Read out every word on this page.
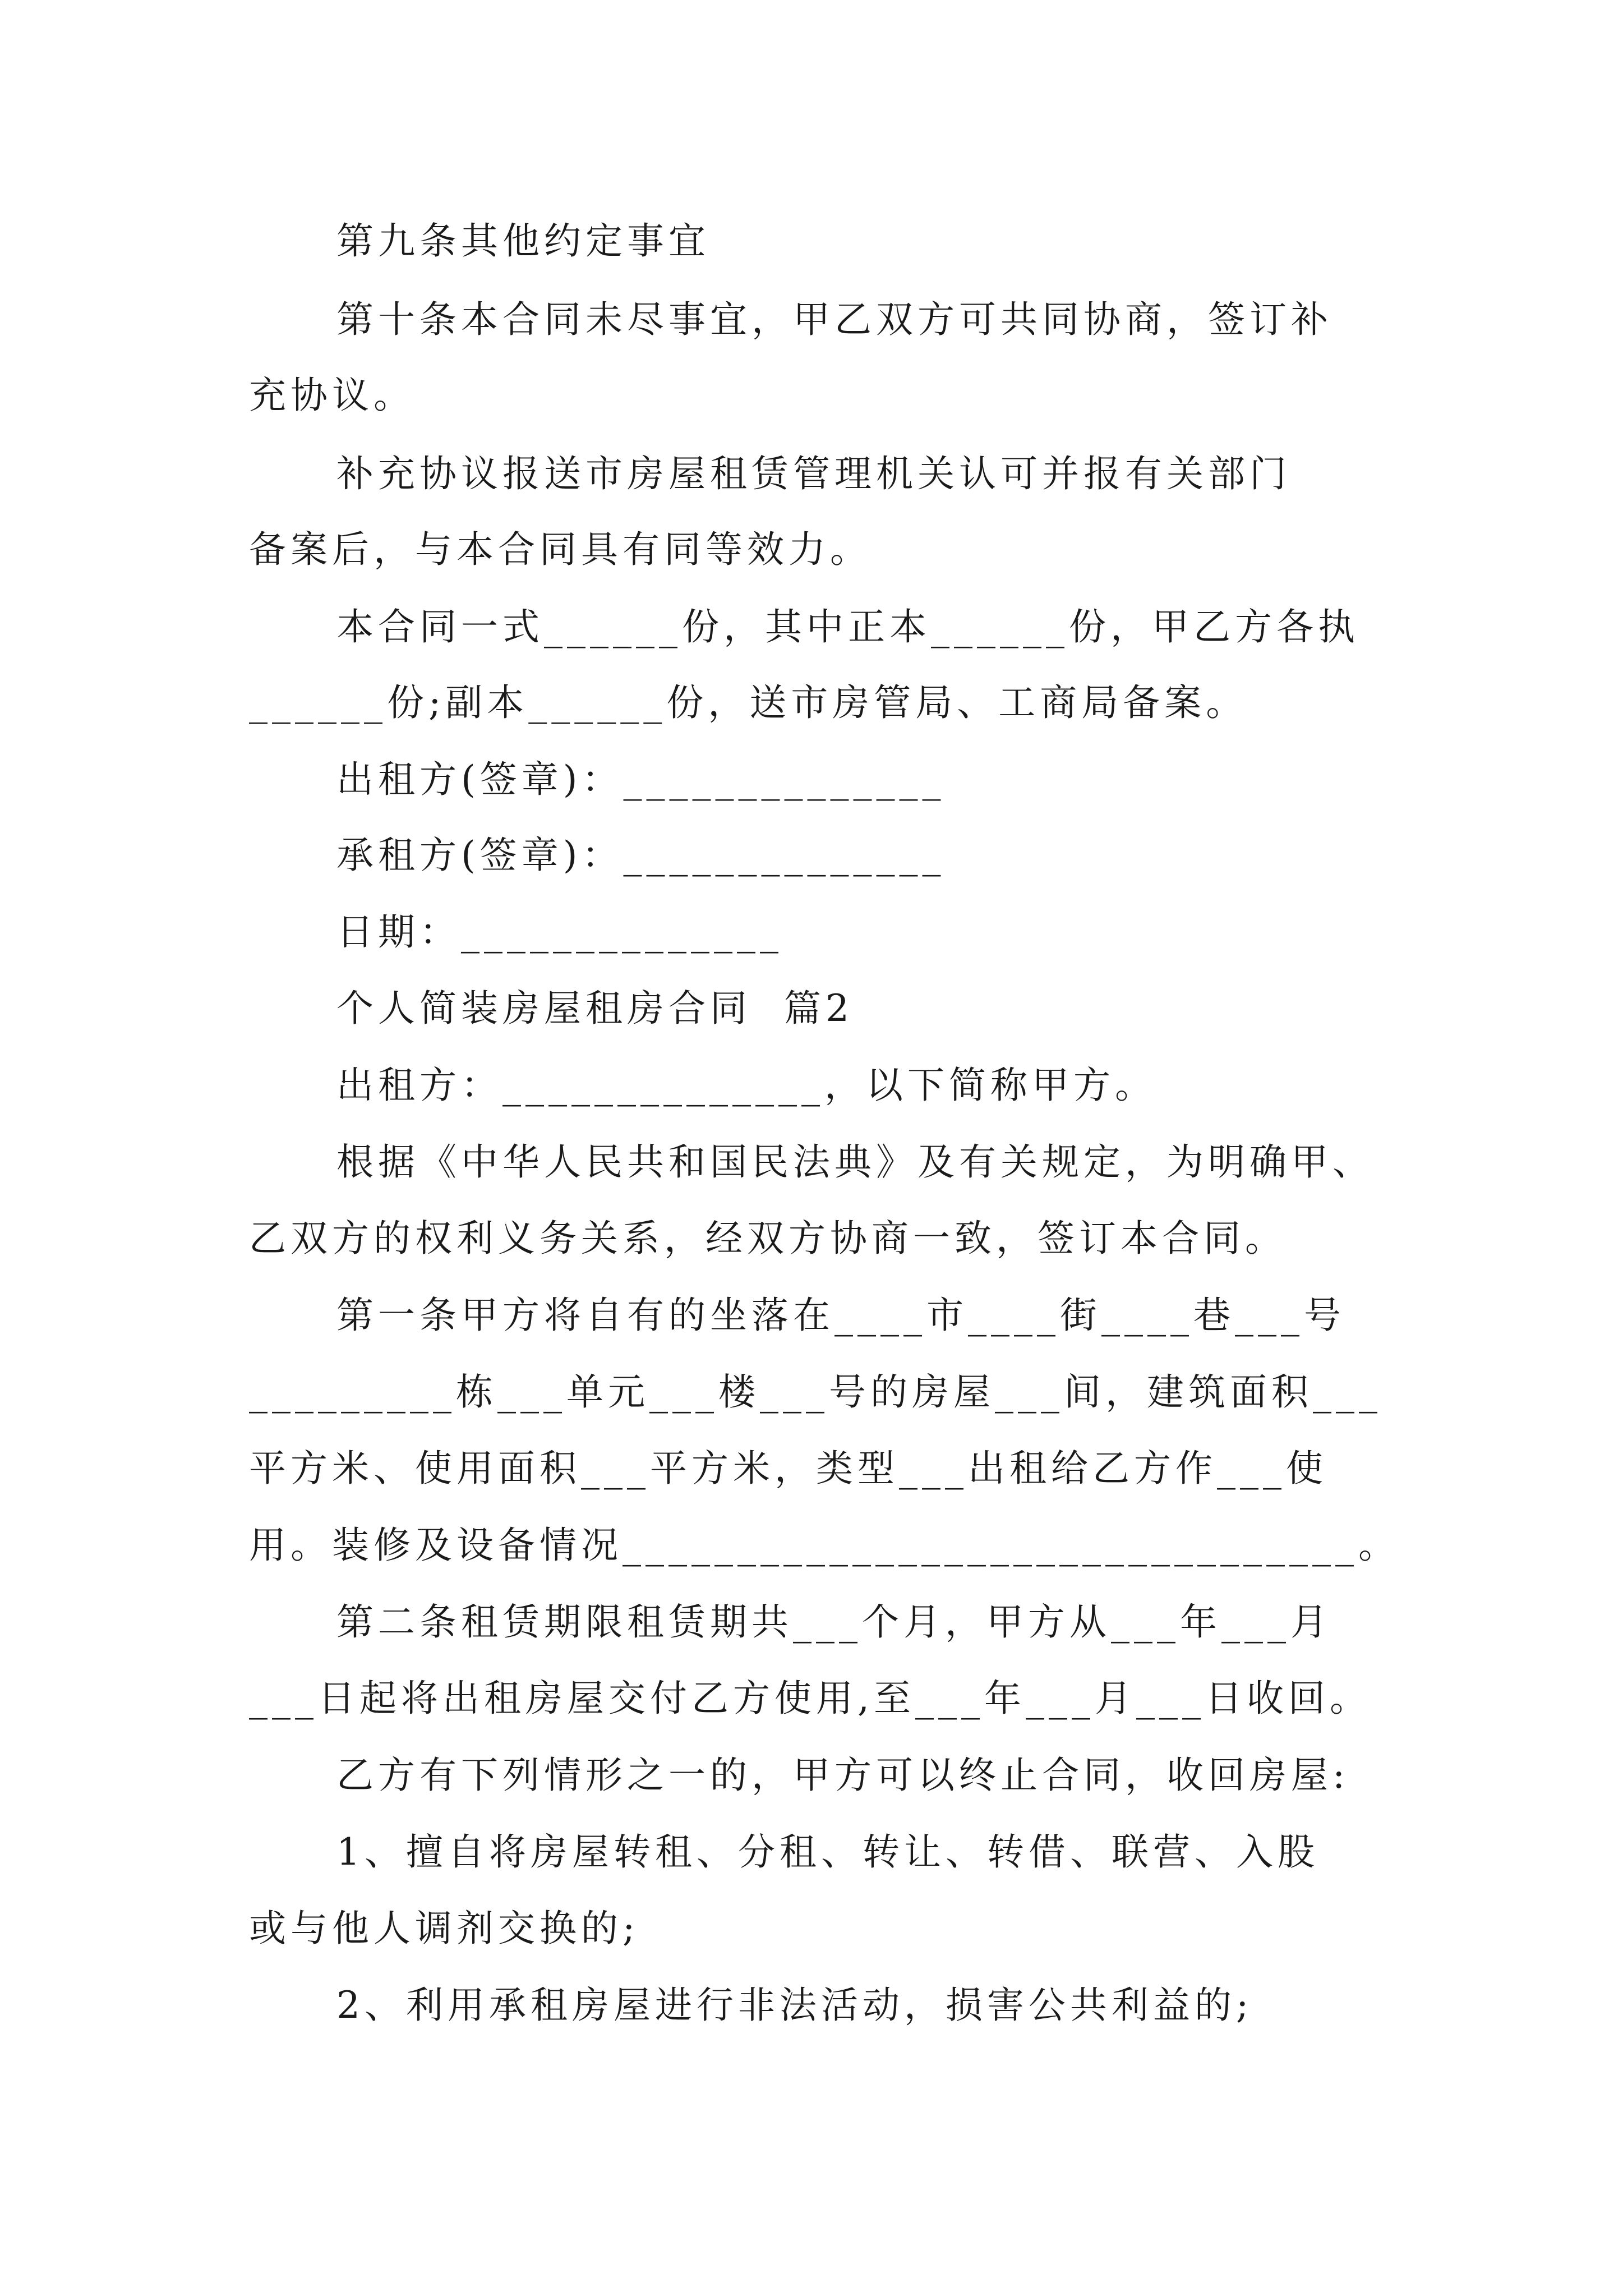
第九条其他约定事宜
第十条本合同未尽事宜，甲乙双方可共同协商，签订补
充协议。
补充协议报送市房屋租赁管理机关认可并报有关部门
备案后，与本合同具有同等效力。
本合同一式______份，其中正本______份，甲乙方各执
______份;副本______份，送市房管局、工商局备案。
出租方(签章)：______________
承租方(签章)：______________
日期：______________
个人简装房屋租房合同  篇2
出租方：______________，以下简称甲方。
根据《中华人民共和国民法典》及有关规定，为明确甲、
乙双方的权利义务关系，经双方协商一致，签订本合同。
第一条甲方将自有的坐落在____市____街____巷___号
_________栋___单元___楼___号的房屋___间，建筑面积___
平方米、使用面积___平方米，类型___出租给乙方作___使
用。装修及设备情况________________________________。
第二条租赁期限租赁期共___个月，甲方从___年___月
___日起将出租房屋交付乙方使用,至___年___月___日收回。
乙方有下列情形之一的，甲方可以终止合同，收回房屋:
1、擅自将房屋转租、分租、转让、转借、联营、入股
或与他人调剂交换的;
2、利用承租房屋进行非法活动，损害公共利益的;
